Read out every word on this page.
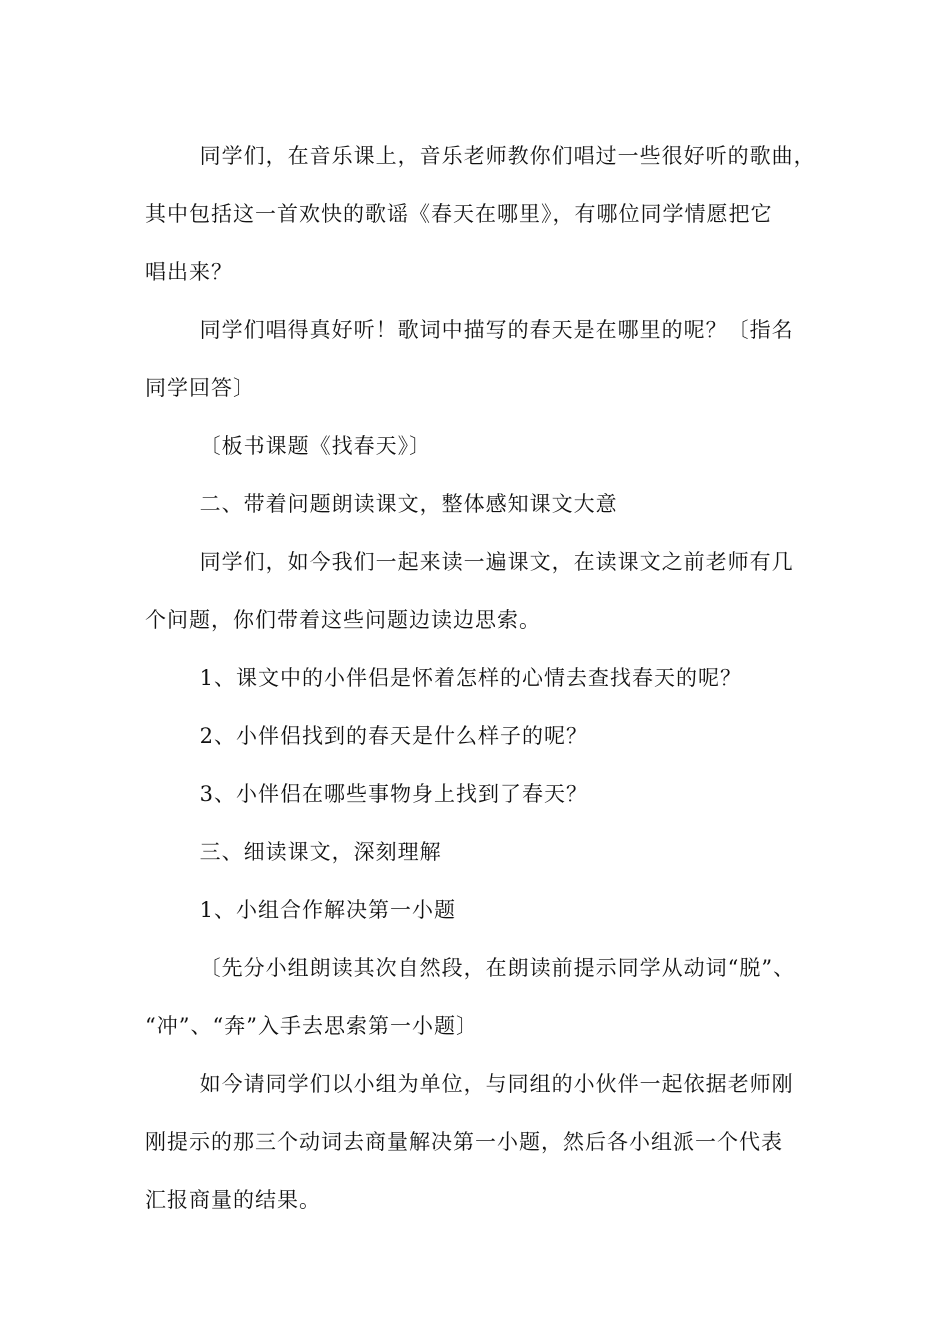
同学们，在音乐课上，音乐老师教你们唱过一些很好听的歌曲，
其中包括这一首欢快的歌谣《春天在哪里》，有哪位同学情愿把它
唱出来？

同学们唱得真好听！歌词中描写的春天是在哪里的呢？〔指名
同学回答〕

〔板书课题《找春天》〕

二、带着问题朗读课文，整体感知课文大意

同学们，如今我们一起来读一遍课文，在读课文之前老师有几
个问题，你们带着这些问题边读边思索。

1、课文中的小伴侣是怀着怎样的心情去查找春天的呢？

2、小伴侣找到的春天是什么样子的呢？

3、小伴侣在哪些事物身上找到了春天？

三、细读课文，深刻理解

1、小组合作解决第一小题

〔先分小组朗读其次自然段，在朗读前提示同学从动词“脱”、
“冲”、“奔”入手去思索第一小题〕

如今请同学们以小组为单位，与同组的小伙伴一起依据老师刚
刚提示的那三个动词去商量解决第一小题，然后各小组派一个代表
汇报商量的结果。
